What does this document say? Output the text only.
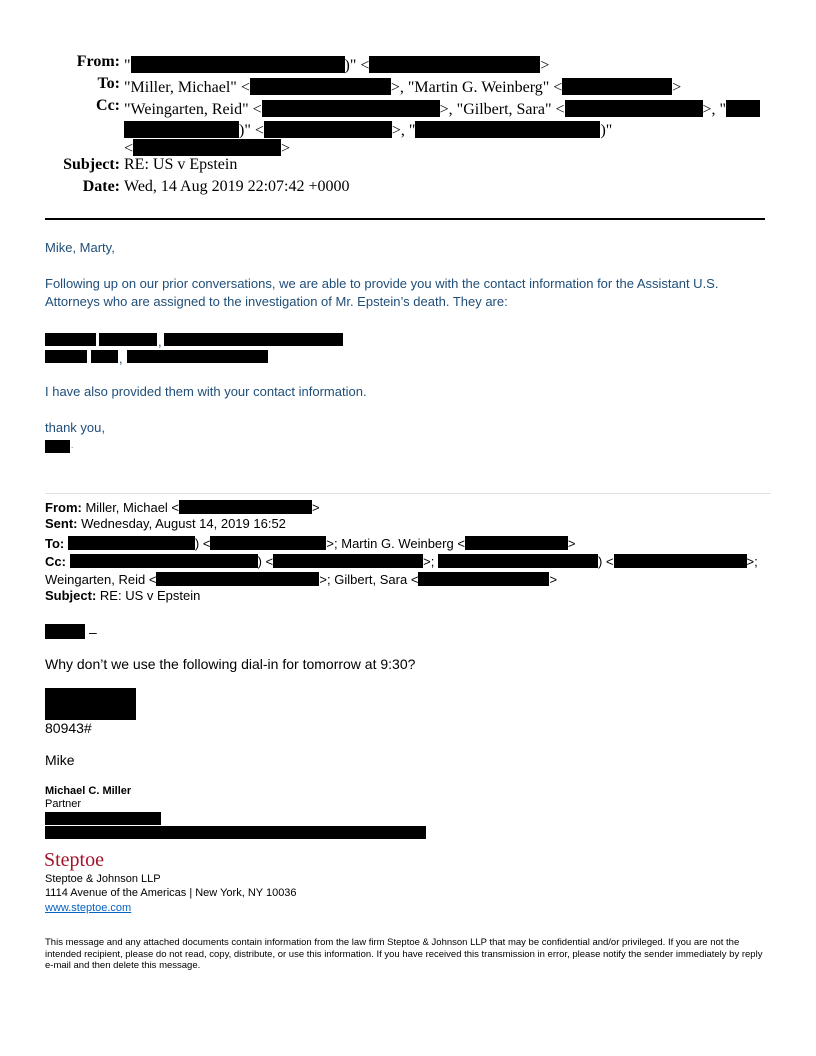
From: "	)" <	>
To: "Miller, Michael" <	>, "Martin G. Weinberg" <	>
Cc: "Weingarten, Reid" <	>, "Gilbert, Sara" <	>, "
)" <	>, "	)"
<	>
Subject: RE: US v Epstein
Date: Wed, 14 Aug 2019 22:07:42 +0000
Mike, Marty,
Following up on our prior conversations, we are able to provide you with the contact information for the Assistant U.S.
Attorneys who are assigned to the investigation of Mr. Epstein’s death. They are:
,
,
I have also provided them with your contact information.
thank you,
.
From: Miller, Michael <	>
Sent: Wednesday, August 14, 2019 16:52
To:	) <	>; Martin G. Weinberg <	>
Cc:	) <	>;	) <	>;
Weingarten, Reid <	>; Gilbert, Sara <	>
Subject: RE: US v Epstein
–
Why don’t we use the following dial-in for tomorrow at 9:30?
80943#
Mike
Michael C. Miller
Partner
Steptoe
Steptoe & Johnson LLP
1114 Avenue of the Americas | New York, NY 10036
www.steptoe.com
This message and any attached documents contain information from the law firm Steptoe & Johnson LLP that may be confidential and/or privileged. If you are not the intended recipient, please do not read, copy, distribute, or use this information. If you have received this transmission in error, please notify the sender immediately by reply e-mail and then delete this message.
